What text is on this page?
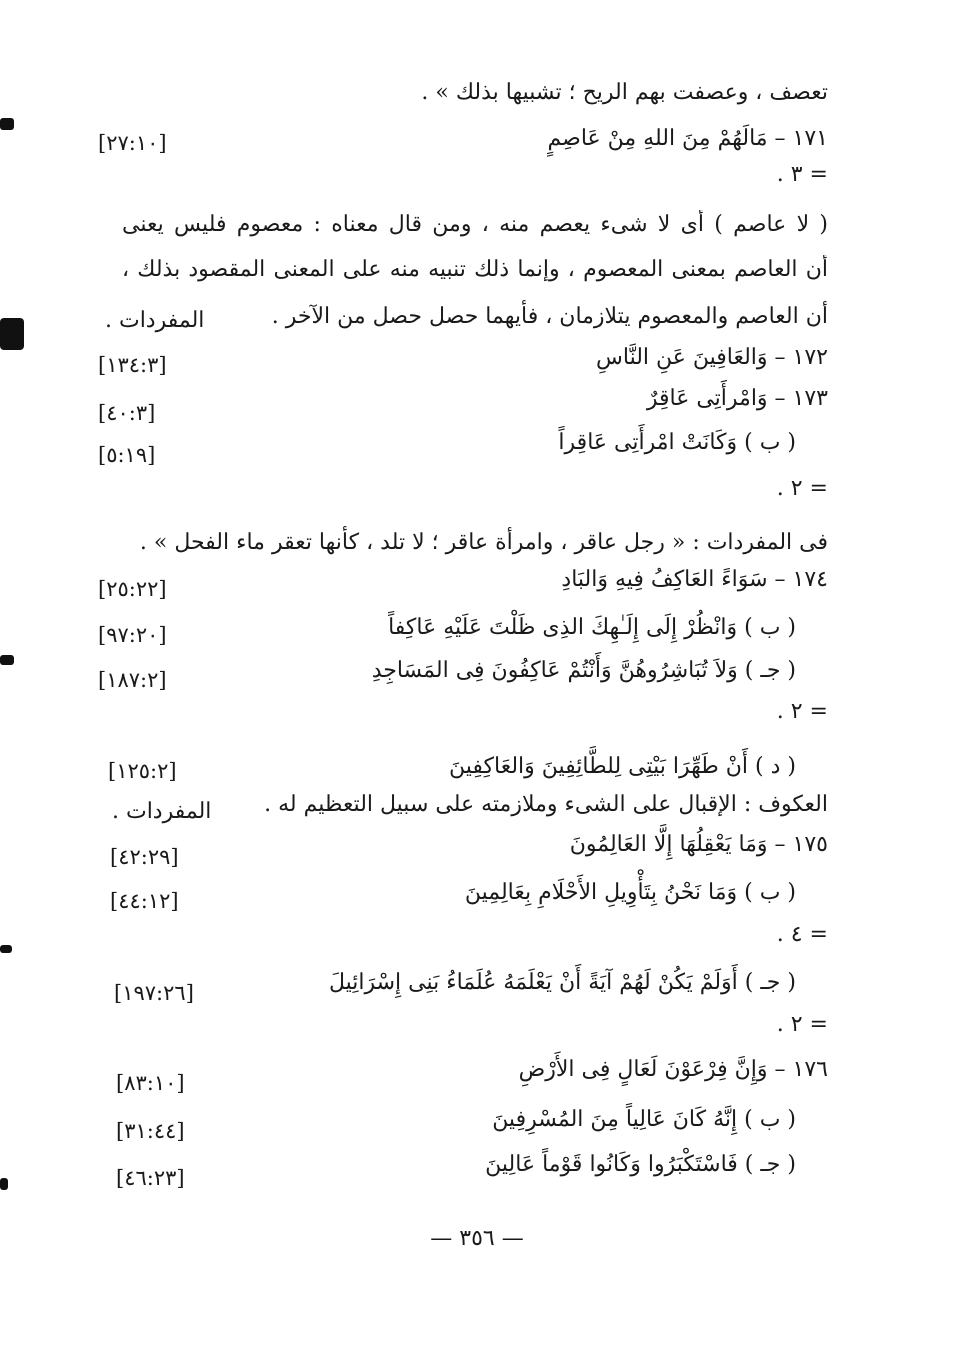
تعصف ، وعصفت بهم الريح ؛ تشبيها بذلك » .
١٧١ – مَالَهُمْ مِنَ اللهِ مِنْ عَاصِمٍ
[٢٧:١٠]
= ٣ .
( لا عاصم ) أى لا شىء يعصم منه ، ومن قال معناه : معصوم فليس يعنى
أن العاصم بمعنى المعصوم ، وإنما ذلك تنبيه منه على المعنى المقصود بذلك ،
أن العاصم والمعصوم يتلازمان ، فأيهما حصل حصل من الآخر .
المفردات .
١٧٢ – وَالعَافِينَ عَنِ النَّاسِ
[١٣٤:٣]
١٧٣ – وَامْرأَتِى عَاقِرٌ
[٤٠:٣]
( ب ) وَكَانَتْ امْرأَتِى عَاقِراً
[٥:١٩]
= ٢ .
فى المفردات : « رجل عاقر ، وامرأة عاقر ؛ لا تلد ، كأنها تعقر ماء الفحل » .
١٧٤ – سَوَاءً العَاكِفُ فِيهِ وَالبَادِ
[٢٥:٢٢]
( ب ) وَانْظُرْ إِلَى إِلَـٰهِكَ الذِى ظَلْتَ عَلَيْهِ عَاكِفاً
[٩٧:٢٠]
( جـ ) وَلاَ تُبَاشِرُوهُنَّ وَأَنْتُمْ عَاكِفُونَ فِى المَسَاجِدِ
[١٨٧:٢]
= ٢ .
( د ) أَنْ طَهِّرَا بَيْتِى لِلطَّائِفِينَ وَالعَاكِفِينَ
[١٢٥:٢]
العكوف : الإقبال على الشىء وملازمته على سبيل التعظيم له .
المفردات .
١٧٥ – وَمَا يَعْقِلُهَا إِلَّا العَالِمُونَ
[٤٢:٢٩]
( ب ) وَمَا نَحْنُ بِتَأْوِيلِ الأَحْلَامِ بِعَالِمِينَ
[٤٤:١٢]
= ٤ .
( جـ ) أَوَلَمْ يَكُنْ لَهُمْ آيَةً أَنْ يَعْلَمَهُ عُلَمَاءُ بَنِى إِسْرَائِيلَ
[١٩٧:٢٦]
= ٢ .
١٧٦ – وَإِنَّ فِرْعَوْنَ لَعَالٍ فِى الأَرْضِ
[٨٣:١٠]
( ب ) إِنَّهُ كَانَ عَالِياً مِنَ المُسْرِفِينَ
[٣١:٤٤]
( جـ ) فَاسْتَكْبَرُوا وَكَانُوا قَوْماً عَالِينَ
[٤٦:٢٣]
— ٣٥٦ —
